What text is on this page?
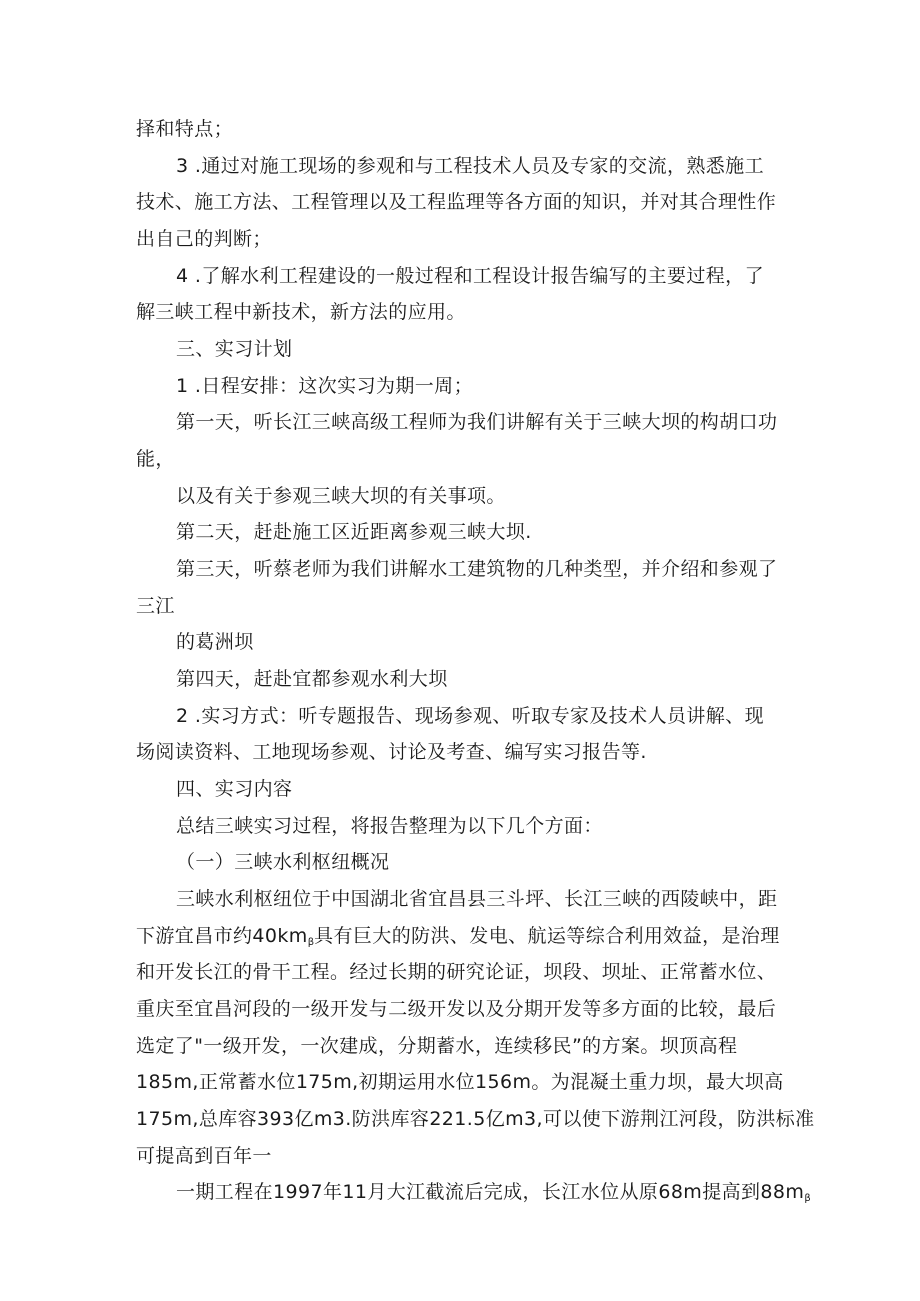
择和特点；
3 .通过对施工现场的参观和与工程技术人员及专家的交流，熟悉施工
技术、施工方法、工程管理以及工程监理等各方面的知识，并对其合理性作
出自己的判断；
4 .了解水利工程建设的一般过程和工程设计报告编写的主要过程，了
解三峡工程中新技术，新方法的应用。
三、实习计划
1 .日程安排：这次实习为期一周；
第一天，听长江三峡高级工程师为我们讲解有关于三峡大坝的构胡口功
能，
以及有关于参观三峡大坝的有关事项。
第二天，赶赴施工区近距离参观三峡大坝.
第三天，听蔡老师为我们讲解水工建筑物的几种类型，并介绍和参观了
三江
的葛洲坝
第四天，赶赴宜都参观水利大坝
2 .实习方式：听专题报告、现场参观、听取专家及技术人员讲解、现
场阅读资料、工地现场参观、讨论及考查、编写实习报告等.
四、实习内容
总结三峡实习过程，将报告整理为以下几个方面：
（一）三峡水利枢纽概况
三峡水利枢纽位于中国湖北省宜昌县三斗坪、长江三峡的西陵峡中，距
下游宜昌市约$40km_\beta$具有巨大的防洪、发电、航运等综合利用效益，是治理
和开发长江的骨干工程。经过长期的研究论证，坝段、坝址、正常蓄水位、
重庆至宜昌河段的一级开发与二级开发以及分期开发等多方面的比较，最后
选定了"一级开发，一次建成，分期蓄水，连续移民”的方案。坝顶高程
185m,正常蓄水位175m,初期运用水位156m。为混凝土重力坝，最大坝高
175m,总库容393亿m3.防洪库容221.5亿m3,可以使下游荆江河段，防洪标准
可提高到百年一
一期工程在1997年11月大江截流后完成，长江水位从原68m提高到$88m_\beta$
